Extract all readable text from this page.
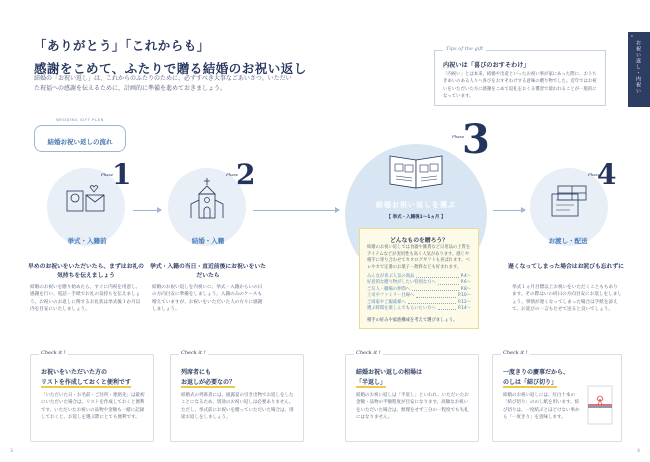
「ありがとう」「これからも」
感謝をこめて、ふたりで贈る結婚のお祝い返し
結婚の「お祝い返し」は、これからのふたりのために、必ずすべき大事なごあいさつ。いただいた祝福への感謝を伝えるために、計画的に準備を進めておきましょう。
1
お祝い返し・内祝い
Tips of the gift
内祝いは「喜びのおすそわけ」
「内祝い」とは本来、結婚や出産といったお祝い事が家にあった際に、おうちきあいのある人々へ喜びをおすそわけする意味の贈り物でした。近年ではお祝いをいただいた方に感謝をこめて返礼をおくる慣習で使われることが一般的になっています。
WEDDING GIFT PLAN
結婚お祝い返しの流れ
Phase
1
挙式・入籍前
早めのお祝いをいただいたら、まずはお礼の気持ちを伝えましょう
結婚のお祝いを贈り始めたら、すぐに内祝を用意し、感謝を行い、電話・手紙でお礼の気持ちを伝えましょう。お祝いのお返しに関するお礼状は挙式後１か月以内を目安にいたしましょう。
Phase
2
結婚・入籍
挙式・入籍の当日・直近前後にお祝いをいただいたら
結婚のお祝い返しを内祝いに、挙式・入籍からいの日の方向目安に準備をしましょう。入籍のみのケースも増えていますが、お祝いをいただいた人の方々に感謝しましょう。
Phase
3
結婚お祝い返しを選ぶ
【 挙式・入籍後1〜1ヵ月 】
どんなものを贈ろう？
結婚のお祝い返しでは食器や雑貨など日用品の上質をアイテムなどが実用性も高く人気があります。感じや相手に寄り合わせてカタログギフトも喜ばれます。ベレやカで定番のお菓子・飲料なども好まれます。
みんなが喜ぶ人気の商品	P.4〜
好意的な贈り物がしたい特別な方へ	P.6〜
ご友人・職場の仲間へ	P.8〜
上司やファミリー目線へ	P.10〜
ご両家やご親戚様へ	P.12〜
選ぶ時間を楽しんでもらいたい方へ	P.14〜
相手の好みや家族構成を考えて選びましょう。
Phase
4
お渡し・配送
遅くなってしまった場合はお詫びも忘れずに
挙式１ヵ月目標以上お祝いをいただくことももあります。その際はいの同日の方向目安にお返しをしましょう。事情が遅くなってしまった場合は手紙を添えて、お詫びの一言もたせて送ると良いでしょう。
Check it !
お祝いをいただいた方の
リストを作成しておくと便利です
「いただいた日・お名前・ご住所・連絡先」は最初にいただいた場合は、リストを作成しておくと便利です。いただいたお祝いの品物や金額も一緒に記録しておくと、お返しを選ぶ際にとても便利です。
Check it !
列席者にも
お返しが必要なの？
結婚式の列席者には、披露宴の引き出物でお返しをしたことになるため、別途のお祝い返しは必要ありません。ただし、挙式前にお祝いを贈っていただいた場合は、別途お返しをしましょう。
Check it !
結婚お祝い返しの相場は
「半返し」
結婚のお祝い返しは「半返し」といわれ、いただいたお金額・品物の半額程度が目安になります。高額なお祝いをいただいた場合は、無理をせず三分の一程度でも失礼にはなりません。
Check it !
一度きりの慶事だから、
のしは「結び切り」
結婚のお祝い返しには、紅白十本の「結び切り」ののし紙を用います。結び切りは、一度結ぶとほどけない事から「一度きり」を意味します。
3	4
